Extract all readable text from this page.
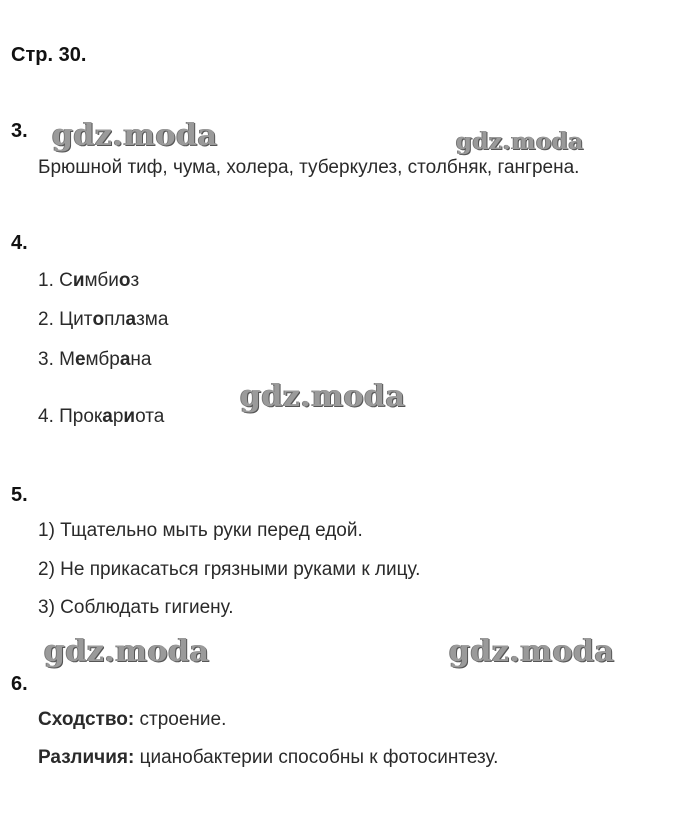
Стр. 30.
gdz.moda	gdz.moda
gdz.moda
gdz.moda	gdz.moda
3.
Брюшной тиф, чума, холера, туберкулез, столбняк, гангрена.
4.
1. Симбиоз
2. Цитоплазма
3. Мембрана
4. Прокариота
5.
1) Тщательно мыть руки перед едой.
2) Не прикасаться грязными руками к лицу.
3) Соблюдать гигиену.
6.
Сходство: строение.
Различия: цианобактерии способны к фотосинтезу.
